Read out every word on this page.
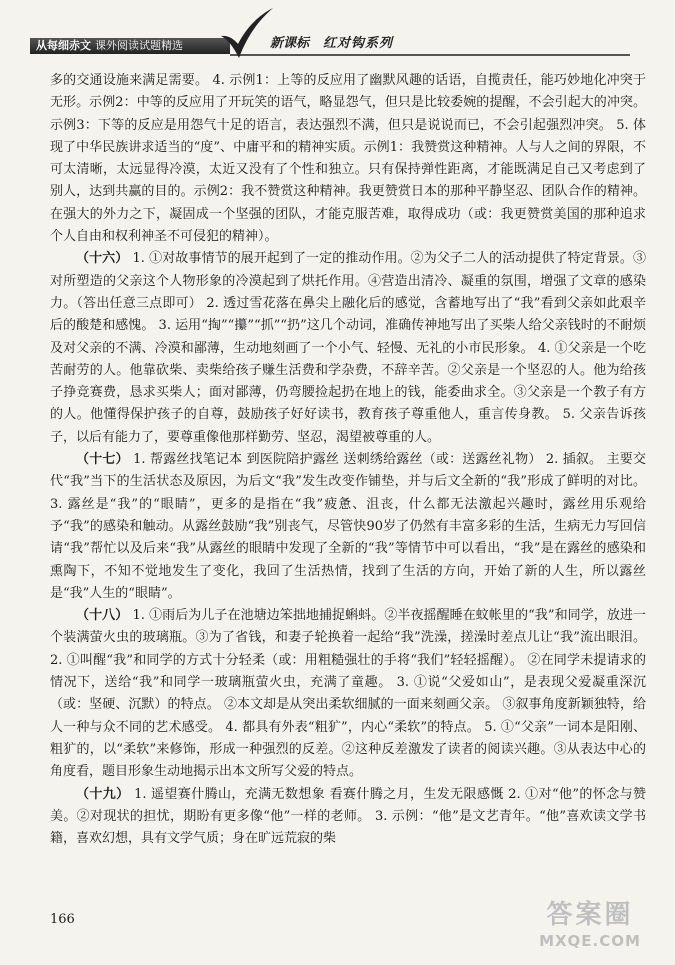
从每细赤文 课外阅读试题精选	新课标 红对钩系列

多的交通设施来满足需要。 4. 示例1：上等的反应用了幽默风趣的话语，自揽责任，能巧妙地化冲突于无形。示例2：中等的反应用了开玩笑的语气，略显怨气，但只是比较委婉的提醒，不会引起大的冲突。示例3：下等的反应是用怨气十足的语言，表达强烈不满，但只是说说而已，不会引起强烈冲突。 5. 体现了中华民族讲求适当的“度”、中庸平和的精神实质。示例1：我赞赏这种精神。人与人之间的界限，不可太清晰，太远显得冷漠，太近又没有了个性和独立。只有保持弹性距离，才能既满足自己又考虑到了别人，达到共赢的目的。示例2：我不赞赏这种精神。我更赞赏日本的那种平静坚忍、团队合作的精神。在强大的外力之下，凝固成一个坚强的团队，才能克服苦难，取得成功（或：我更赞赏美国的那种追求个人自由和权利神圣不可侵犯的精神）。

（十六） 1. ①对故事情节的展开起到了一定的推动作用。②为父子二人的活动提供了特定背景。③对所塑造的父亲这个人物形象的冷漠起到了烘托作用。④营造出清冷、凝重的氛围，增强了文章的感染力。（答出任意三点即可） 2. 透过雪花落在鼻尖上融化后的感觉，含蓄地写出了“我”看到父亲如此艰辛后的酸楚和感愧。 3. 运用“掏”“攥”“抓”“扔”这几个动词，准确传神地写出了买柴人给父亲钱时的不耐烦及对父亲的不满、冷漠和鄙薄，生动地刻画了一个小气、轻慢、无礼的小市民形象。 4. ①父亲是一个吃苦耐劳的人。他靠砍柴、卖柴给孩子赚生活费和学杂费，不辞辛苦。②父亲是一个坚忍的人。他为给孩子挣竞赛费，恳求买柴人；面对鄙薄，仍弯腰捡起扔在地上的钱，能委曲求全。③父亲是一个教子有方的人。他懂得保护孩子的自尊，鼓励孩子好好读书，教育孩子尊重他人，重言传身教。 5. 父亲告诉孩子，以后有能力了，要尊重像他那样勤劳、坚忍，渴望被尊重的人。

（十七） 1. 帮露丝找笔记本 到医院陪护露丝 送刺绣给露丝（或：送露丝礼物） 2. 插叙。 主要交代“我”当下的生活状态及原因，为后文“我”发生改变作铺垫，并与后文全新的“我”形成了鲜明的对比。 3. 露丝是“我”的“眼睛”，更多的是指在“我”疲惫、沮丧，什么都无法激起兴趣时，露丝用乐观给予“我”的感染和触动。从露丝鼓励“我”别丧气，尽管快90岁了仍然有丰富多彩的生活，生病无力写回信请“我”帮忙以及后来“我”从露丝的眼睛中发现了全新的“我”等情节中可以看出，“我”是在露丝的感染和熏陶下，不知不觉地发生了变化，我回了生活热情，找到了生活的方向，开始了新的人生，所以露丝是“我”人生的“眼睛”。

（十八） 1. ①雨后为儿子在池塘边笨拙地捕捉蝌蚪。②半夜摇醒睡在蚊帐里的“我”和同学，放进一个装满萤火虫的玻璃瓶。③为了省钱，和妻子轮换着一起给“我”洗澡，搓澡时差点儿让“我”流出眼泪。 2. ①叫醒“我”和同学的方式十分轻柔（或：用粗糙强壮的手将“我们”轻轻摇醒）。 ②在同学未提请求的情况下，送给“我”和同学一玻璃瓶萤火虫，充满了童趣。 3. ①说“父爱如山”，是表现父爱凝重深沉（或：坚硬、沉默）的特点。 ②本文却是从突出柔软细腻的一面来刻画父亲。 ③叙事角度新颖独特，给人一种与众不同的艺术感受。 4. 都具有外表“粗犷”，内心“柔软”的特点。 5. ①“父亲”一词本是阳刚、粗犷的，以“柔软”来修饰，形成一种强烈的反差。②这种反差激发了读者的阅读兴趣。③从表达中心的角度看，题目形象生动地揭示出本文所写父爱的特点。

（十九） 1. 遥望赛什腾山，充满无数想象 看赛什腾之月，生发无限感慨 2. ①对“他”的怀念与赞美。②对现状的担忧，期盼有更多像“他”一样的老师。 3. 示例：“他”是文艺青年。“他”喜欢读文学书籍，喜欢幻想，具有文学气质；身在旷远荒寂的柴

166	答案圈
MXQE.COM
